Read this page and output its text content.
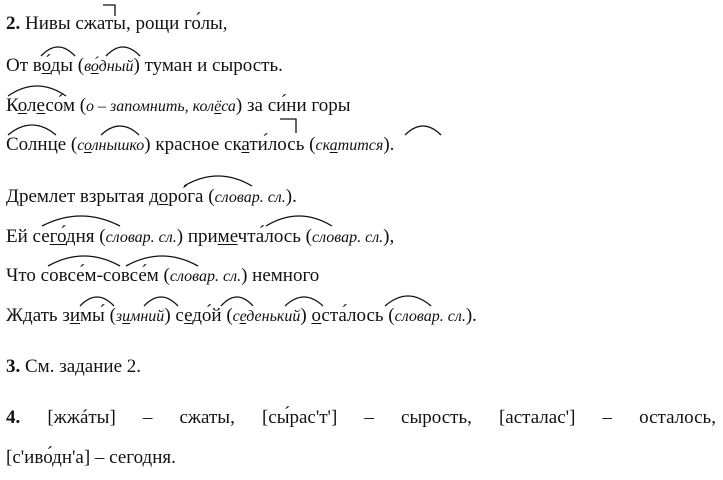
2. Нивы сжаты, рощи го́лы,
От во́ды (во́дный) туман и сырость.
Колесо́м (о – запомнить, колёса) за си́ни горы
Солнце (солнышко) красное скати́лось (скатится).
Дремлет взрытая доро́га (словар. сл.).
Ей сего́дня (словар. сл.) примечта́лось (словар. сл.),
Что совсе́м-совсе́м (словар. сл.) немного
Ждать зимы́ (зимний) седо́й (седенький) оста́лось (словар. сл.).
3. См. задание 2.
4. [жжáты] – сжаты, [сы́рас'т'] – сырость, [асталас'] – осталось,
[с'иво́дн'а] – сегодня.
